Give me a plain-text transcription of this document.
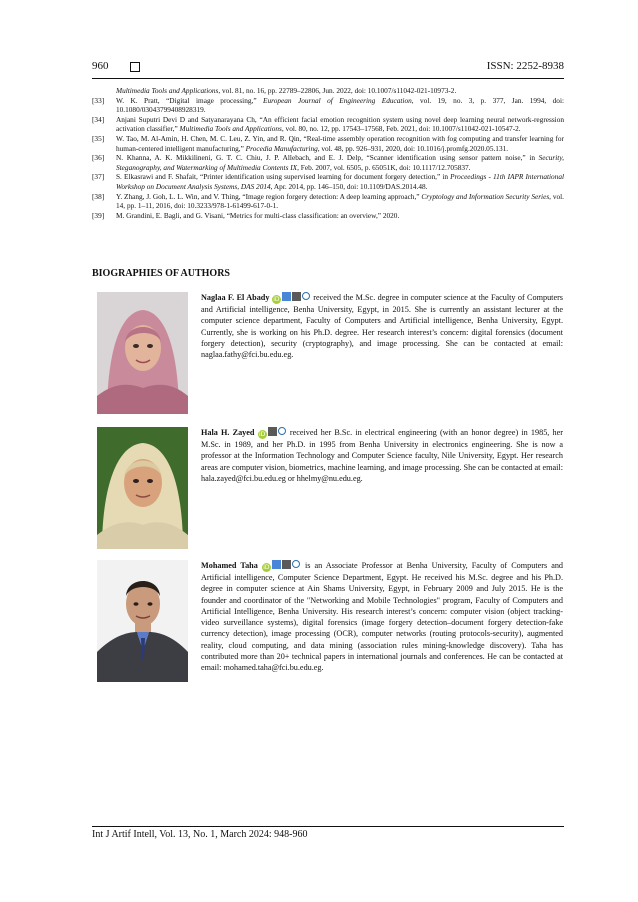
960	ISSN: 2252-8938
Multimedia Tools and Applications, vol. 81, no. 16, pp. 22789–22806, Jun. 2022, doi: 10.1007/s11042-021-10973-2.
[33]	W. K. Pratt, “Digital image processing,” European Journal of Engineering Education, vol. 19, no. 3, p. 377, Jan. 1994, doi: 10.1080/03043799408928319.
[34]	Anjani Suputri Devi D and Satyanarayana Ch, “An efficient facial emotion recognition system using novel deep learning neural network-regression activation classifier,” Multimedia Tools and Applications, vol. 80, no. 12, pp. 17543–17568, Feb. 2021, doi: 10.1007/s11042-021-10547-2.
[35]	W. Tao, M. Al-Amin, H. Chen, M. C. Leu, Z. Yin, and R. Qin, “Real-time assembly operation recognition with fog computing and transfer learning for human-centered intelligent manufacturing,” Procedia Manufacturing, vol. 48, pp. 926–931, 2020, doi: 10.1016/j.promfg.2020.05.131.
[36]	N. Khanna, A. K. Mikkilineni, G. T. C. Chiu, J. P. Allebach, and E. J. Delp, “Scanner identification using sensor pattern noise,” in Security, Steganography, and Watermarking of Multimedia Contents IX, Feb. 2007, vol. 6505, p. 65051K, doi: 10.1117/12.705837.
[37]	S. Elkasrawi and F. Shafait, “Printer identification using supervised learning for document forgery detection,” in Proceedings - 11th IAPR International Workshop on Document Analysis Systems, DAS 2014, Apr. 2014, pp. 146–150, doi: 10.1109/DAS.2014.48.
[38]	Y. Zhang, J. Goh, L. L. Win, and V. Thing, “Image region forgery detection: A deep learning approach,” Cryptology and Information Security Series, vol. 14, pp. 1–11, 2016, doi: 10.3233/978-1-61499-617-0-1.
[39]	M. Grandini, E. Bagli, and G. Visani, “Metrics for multi-class classification: an overview,” 2020.
BIOGRAPHIES OF AUTHORS
Naglaa F. El Abady iD	received the M.Sc. degree in computer science at the Faculty of Computers and Artificial intelligence, Benha University, Egypt, in 2015. She is currently an assistant lecturer at the computer science department, Faculty of Computers and Artificial intelligence, Benha University, Egypt. Currently, she is working on his Ph.D. degree. Her research interest’s concern: digital forensics (document forgery detection), security (cryptography), and image processing. She can be contacted at email: naglaa.fathy@fci.bu.edu.eg.
Hala H. Zayed iD	received her B.Sc. in electrical engineering (with an honor degree) in 1985, her M.Sc. in 1989, and her Ph.D. in 1995 from Benha University in electronics engineering. She is now a professor at the Information Technology and Computer Science faculty, Nile University, Egypt. Her research areas are computer vision, biometrics, machine learning, and image processing. She can be contacted at email: hala.zayed@fci.bu.edu.eg or hhelmy@nu.edu.eg.
Mohamed Taha iD	is an Associate Professor at Benha University, Faculty of Computers and Artificial intelligence, Computer Science Department, Egypt. He received his M.Sc. degree and his Ph.D. degree in computer science at Ain Shams University, Egypt, in February 2009 and July 2015. He is the founder and coordinator of the "Networking and Mobile Technologies" program, Faculty of Computers and Artificial Intelligence, Benha University. His research interest’s concern: computer vision (object tracking-video surveillance systems), digital forensics (image forgery detection–document forgery detection-fake currency detection), image processing (OCR), computer networks (routing protocols-security), augmented reality, cloud computing, and data mining (association rules mining-knowledge discovery). Taha has contributed more than 20+ technical papers in international journals and conferences. He can be contacted at email: mohamed.taha@fci.bu.edu.eg.
Int J Artif Intell, Vol. 13, No. 1, March 2024: 948-960
